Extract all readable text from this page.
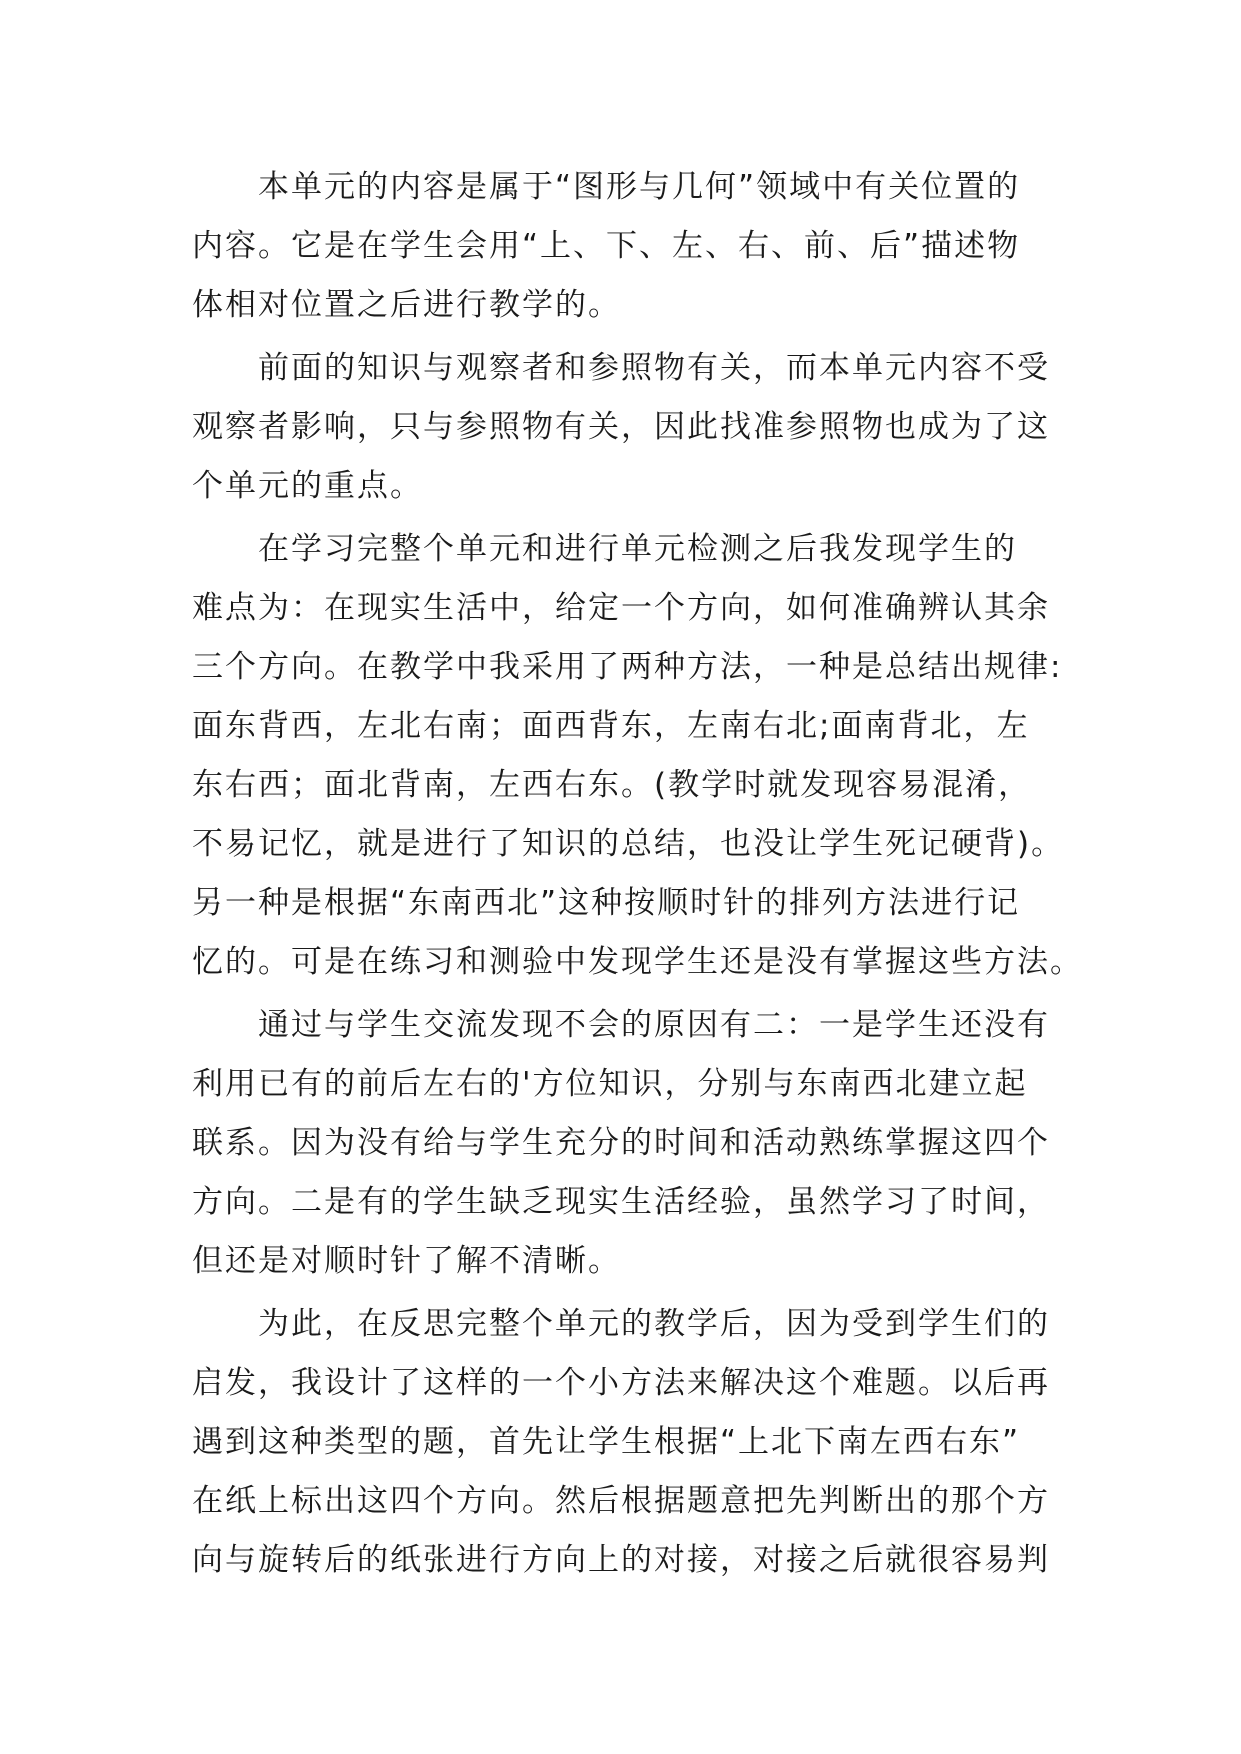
　　本单元的内容是属于“图形与几何”领域中有关位置的
内容。它是在学生会用“上、下、左、右、前、后”描述物
体相对位置之后进行教学的。
　　前面的知识与观察者和参照物有关，而本单元内容不受
观察者影响，只与参照物有关，因此找准参照物也成为了这
个单元的重点。
　　在学习完整个单元和进行单元检测之后我发现学生的
难点为：在现实生活中，给定一个方向，如何准确辨认其余
三个方向。在教学中我采用了两种方法，一种是总结出规律:
面东背西，左北右南；面西背东，左南右北;面南背北，左
东右西；面北背南，左西右东。(教学时就发现容易混淆，
不易记忆，就是进行了知识的总结，也没让学生死记硬背)。
另一种是根据“东南西北”这种按顺时针的排列方法进行记
忆的。可是在练习和测验中发现学生还是没有掌握这些方法。
　　通过与学生交流发现不会的原因有二：一是学生还没有
利用已有的前后左右的'方位知识，分别与东南西北建立起
联系。因为没有给与学生充分的时间和活动熟练掌握这四个
方向。二是有的学生缺乏现实生活经验，虽然学习了时间，
但还是对顺时针了解不清晰。
　　为此，在反思完整个单元的教学后，因为受到学生们的
启发，我设计了这样的一个小方法来解决这个难题。以后再
遇到这种类型的题，首先让学生根据“上北下南左西右东”
在纸上标出这四个方向。然后根据题意把先判断出的那个方
向与旋转后的纸张进行方向上的对接，对接之后就很容易判
